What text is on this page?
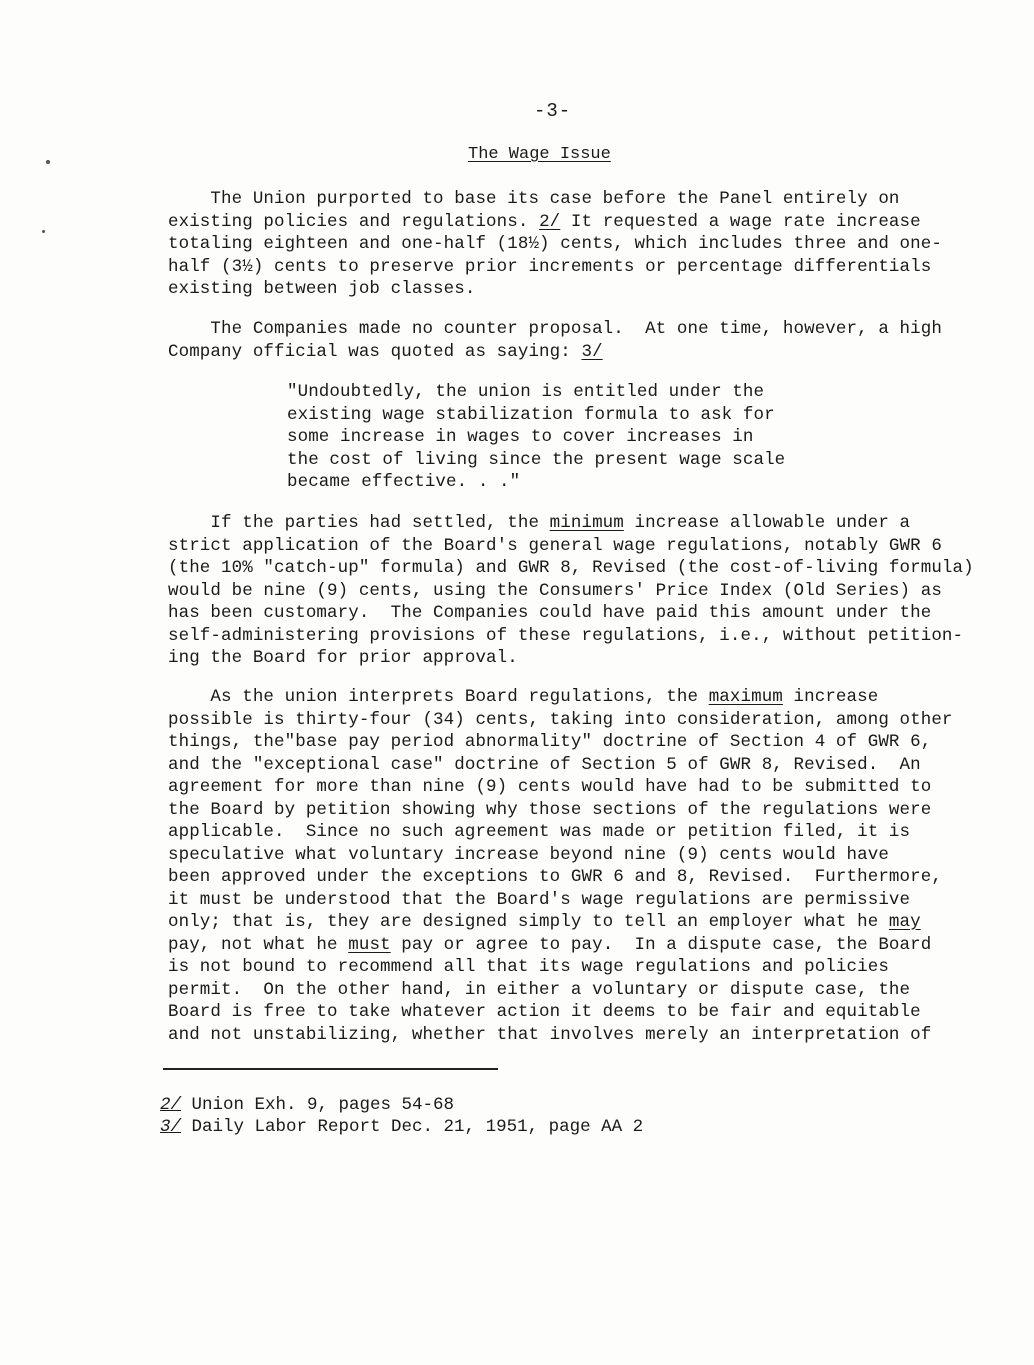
-3-
The Wage Issue
The Union purported to base its case before the Panel entirely on
existing policies and regulations. 2/ It requested a wage rate increase
totaling eighteen and one-half (18½) cents, which includes three and one-
half (3½) cents to preserve prior increments or percentage differentials
existing between job classes.
The Companies made no counter proposal.  At one time, however, a high
Company official was quoted as saying: 3/
"Undoubtedly, the union is entitled under the
existing wage stabilization formula to ask for
some increase in wages to cover increases in
the cost of living since the present wage scale
became effective. . ."
If the parties had settled, the minimum increase allowable under a
strict application of the Board's general wage regulations, notably GWR 6
(the 10% "catch-up" formula) and GWR 8, Revised (the cost-of-living formula)
would be nine (9) cents, using the Consumers' Price Index (Old Series) as
has been customary.  The Companies could have paid this amount under the
self-administering provisions of these regulations, i.e., without petition-
ing the Board for prior approval.
As the union interprets Board regulations, the maximum increase
possible is thirty-four (34) cents, taking into consideration, among other
things, the"base pay period abnormality" doctrine of Section 4 of GWR 6,
and the "exceptional case" doctrine of Section 5 of GWR 8, Revised.  An
agreement for more than nine (9) cents would have had to be submitted to
the Board by petition showing why those sections of the regulations were
applicable.  Since no such agreement was made or petition filed, it is
speculative what voluntary increase beyond nine (9) cents would have
been approved under the exceptions to GWR 6 and 8, Revised.  Furthermore,
it must be understood that the Board's wage regulations are permissive
only; that is, they are designed simply to tell an employer what he may
pay, not what he must pay or agree to pay.  In a dispute case, the Board
is not bound to recommend all that its wage regulations and policies
permit.  On the other hand, in either a voluntary or dispute case, the
Board is free to take whatever action it deems to be fair and equitable
and not unstabilizing, whether that involves merely an interpretation of
2/ Union Exh. 9, pages 54-68
3/ Daily Labor Report Dec. 21, 1951, page AA 2
